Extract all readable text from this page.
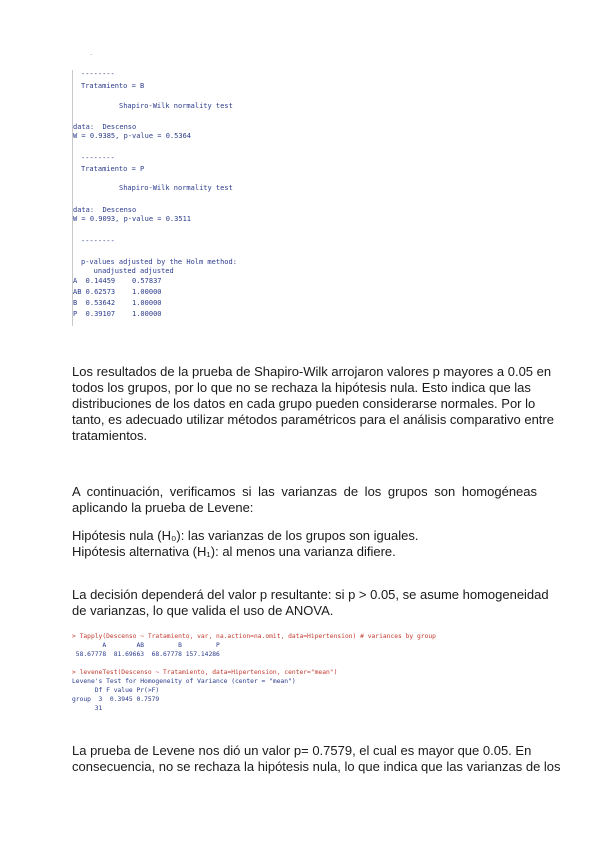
.
--------
Tratamiento = B
Shapiro-Wilk normality test
data:  Descenso
W = 0.9385, p-value = 0.5364
--------
Tratamiento = P
Shapiro-Wilk normality test
data:  Descenso
W = 0.9093, p-value = 0.3511
--------
p-values adjusted by the Holm method:
unadjusted adjusted
A  0.14459    0.57837
AB 0.62573    1.00000
B  0.53642    1.00000
P  0.39107    1.00000
Los resultados de la prueba de Shapiro-Wilk arrojaron valores p mayores a 0.05 en
todos los grupos, por lo que no se rechaza la hipótesis nula. Esto indica que las
distribuciones de los datos en cada grupo pueden considerarse normales. Por lo
tanto, es adecuado utilizar métodos paramétricos para el análisis comparativo entre
tratamientos.
A continuación, verificamos si las varianzas de los grupos son homogéneas
aplicando la prueba de Levene:
Hipótesis nula (H₀): las varianzas de los grupos son iguales.
Hipótesis alternativa (H₁): al menos una varianza difiere.
La decisión dependerá del valor p resultante: si p > 0.05, se asume homogeneidad
de varianzas, lo que valida el uso de ANOVA.
> Tapply(Descenso ~ Tratamiento, var, na.action=na.omit, data=Hipertension) # variances by group
A        AB         B         P
58.67778  81.69663  68.67778 157.14286
> leveneTest(Descenso ~ Tratamiento, data=Hipertension, center="mean")
Levene's Test for Homogeneity of Variance (center = "mean")
Df F value Pr(>F)
group  3  0.3945 0.7579
31
La prueba de Levene nos dió un valor p= 0.7579, el cual es mayor que 0.05. En
consecuencia, no se rechaza la hipótesis nula, lo que indica que las varianzas de los
